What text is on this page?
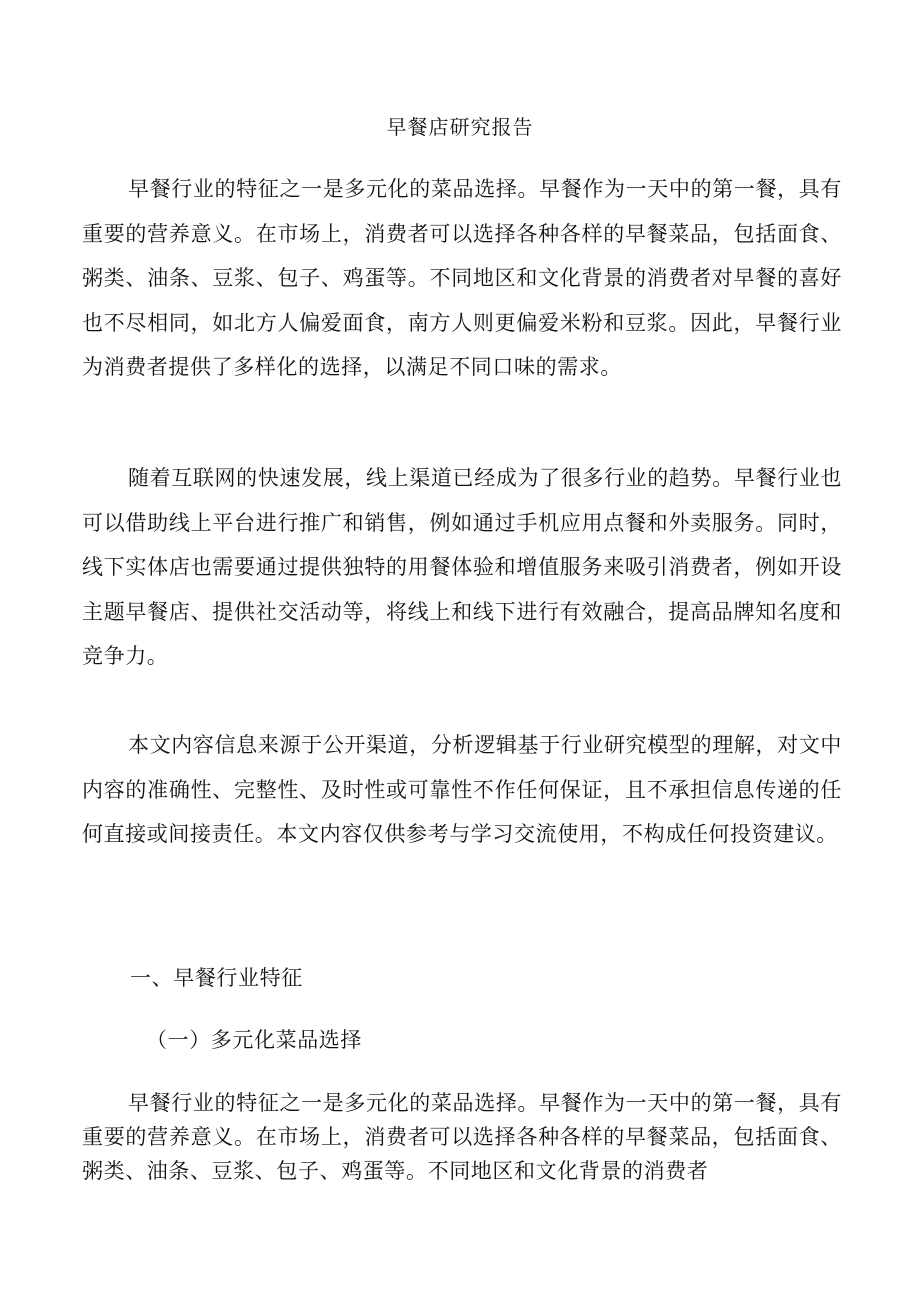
早餐店研究报告

早餐行业的特征之一是多元化的菜品选择。早餐作为一天中的第一餐，具有重要的营养意义。在市场上，消费者可以选择各种各样的早餐菜品，包括面食、粥类、油条、豆浆、包子、鸡蛋等。不同地区和文化背景的消费者对早餐的喜好也不尽相同，如北方人偏爱面食，南方人则更偏爱米粉和豆浆。因此，早餐行业为消费者提供了多样化的选择，以满足不同口味的需求。

随着互联网的快速发展，线上渠道已经成为了很多行业的趋势。早餐行业也可以借助线上平台进行推广和销售，例如通过手机应用点餐和外卖服务。同时，线下实体店也需要通过提供独特的用餐体验和增值服务来吸引消费者，例如开设主题早餐店、提供社交活动等，将线上和线下进行有效融合，提高品牌知名度和竞争力。

本文内容信息来源于公开渠道，分析逻辑基于行业研究模型的理解，对文中内容的准确性、完整性、及时性或可靠性不作任何保证，且不承担信息传递的任何直接或间接责任。本文内容仅供参考与学习交流使用，不构成任何投资建议。

一、早餐行业特征
（一）多元化菜品选择

早餐行业的特征之一是多元化的菜品选择。早餐作为一天中的第一餐，具有重要的营养意义。在市场上，消费者可以选择各种各样的早餐菜品，包括面食、粥类、油条、豆浆、包子、鸡蛋等。不同地区和文化背景的消费者
